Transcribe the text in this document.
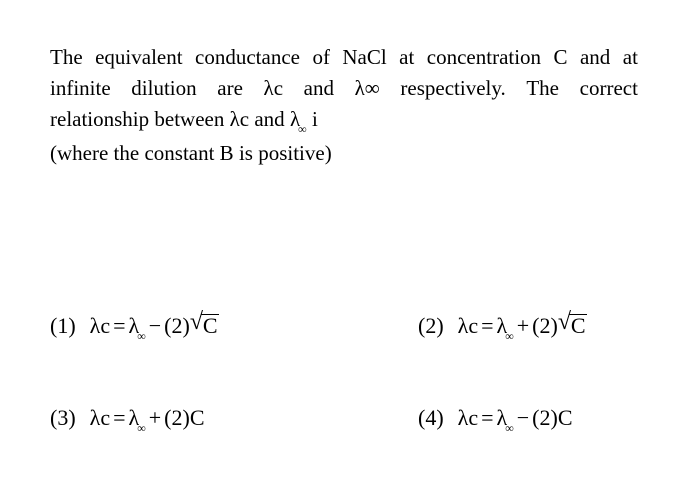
The equivalent conductance of NaCl at concentration C and at
infinite dilution are λc and λ∞ respectively. The correct
relationship between λc and $\lambda_\infty$ i
(where the constant B is positive)
(1) λc = λ
∞ − (2) √ C	(2) λc = λ
∞ + (2) √ C
(3) λc = λ
∞ + (2) C	(4) λc = λ
∞ − (2) C
